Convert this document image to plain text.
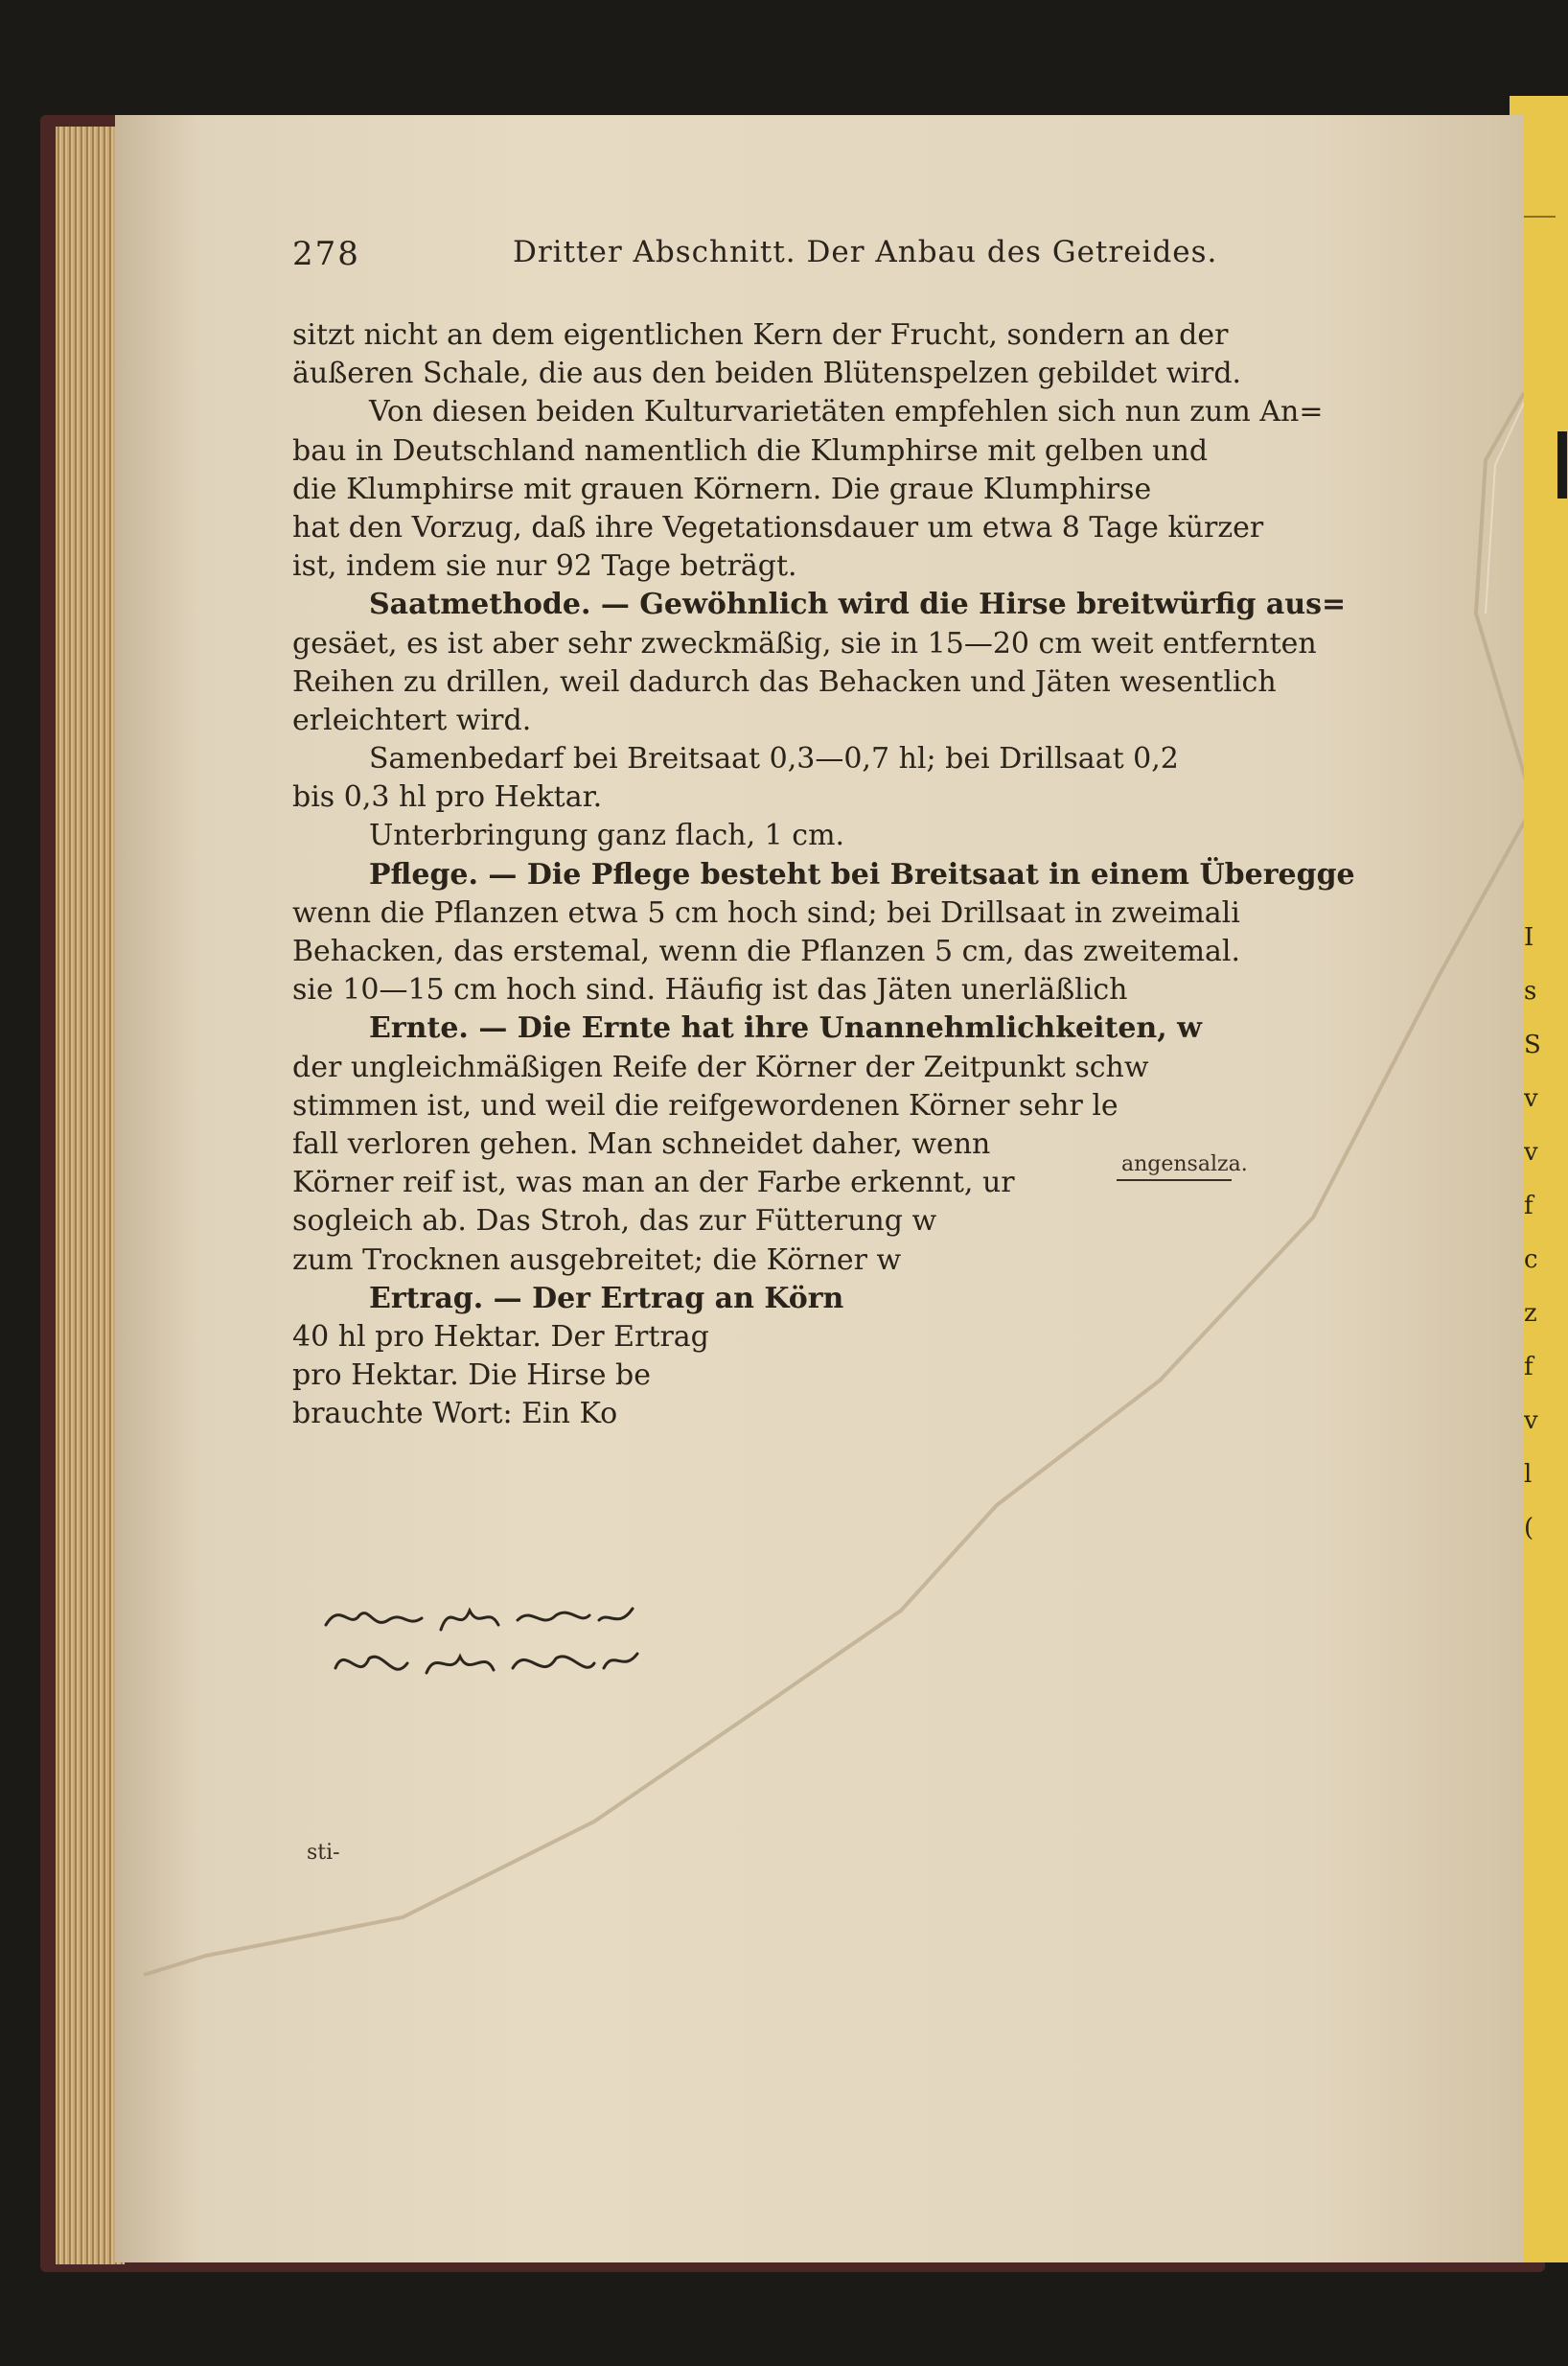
I
s
S
v
v
f
c
z
f
v
l
(
278	Dritter Abschnitt. Der Anbau des Getreides.
sitzt nicht an dem eigentlichen Kern der Frucht, sondern an der
äußeren Schale, die aus den beiden Blütenspelzen gebildet wird.
Von diesen beiden Kulturvarietäten empfehlen sich nun zum An=
bau in Deutschland namentlich die Klumphirse mit gelben und
die Klumphirse mit grauen Körnern. Die graue Klumphirse
hat den Vorzug, daß ihre Vegetationsdauer um etwa 8 Tage kürzer
ist, indem sie nur 92 Tage beträgt.
Saatmethode. — Gewöhnlich wird die Hirse breitwürfig aus=
gesäet, es ist aber sehr zweckmäßig, sie in 15—20 cm weit entfernten
Reihen zu drillen, weil dadurch das Behacken und Jäten wesentlich
erleichtert wird.
Samenbedarf bei Breitsaat 0,3—0,7 hl; bei Drillsaat 0,2
bis 0,3 hl pro Hektar.
Unterbringung ganz flach, 1 cm.
Pflege. — Die Pflege besteht bei Breitsaat in einem Überegge
wenn die Pflanzen etwa 5 cm hoch sind; bei Drillsaat in zweimali
Behacken, das erstemal, wenn die Pflanzen 5 cm, das zweitemal.
sie 10—15 cm hoch sind. Häufig ist das Jäten unerläßlich
Ernte. — Die Ernte hat ihre Unannehmlichkeiten, w
der ungleichmäßigen Reife der Körner der Zeitpunkt schw
stimmen ist, und weil die reifgewordenen Körner sehr le
fall verloren gehen. Man schneidet daher, wenn
Körner reif ist, was man an der Farbe erkennt, ur
sogleich ab. Das Stroh, das zur Fütterung w
zum Trocknen ausgebreitet; die Körner w
Ertrag. — Der Ertrag an Körn
40 hl pro Hektar. Der Ertrag
pro Hektar. Die Hirse be
brauchte Wort: Ein Ko
angensalza.
sti-
